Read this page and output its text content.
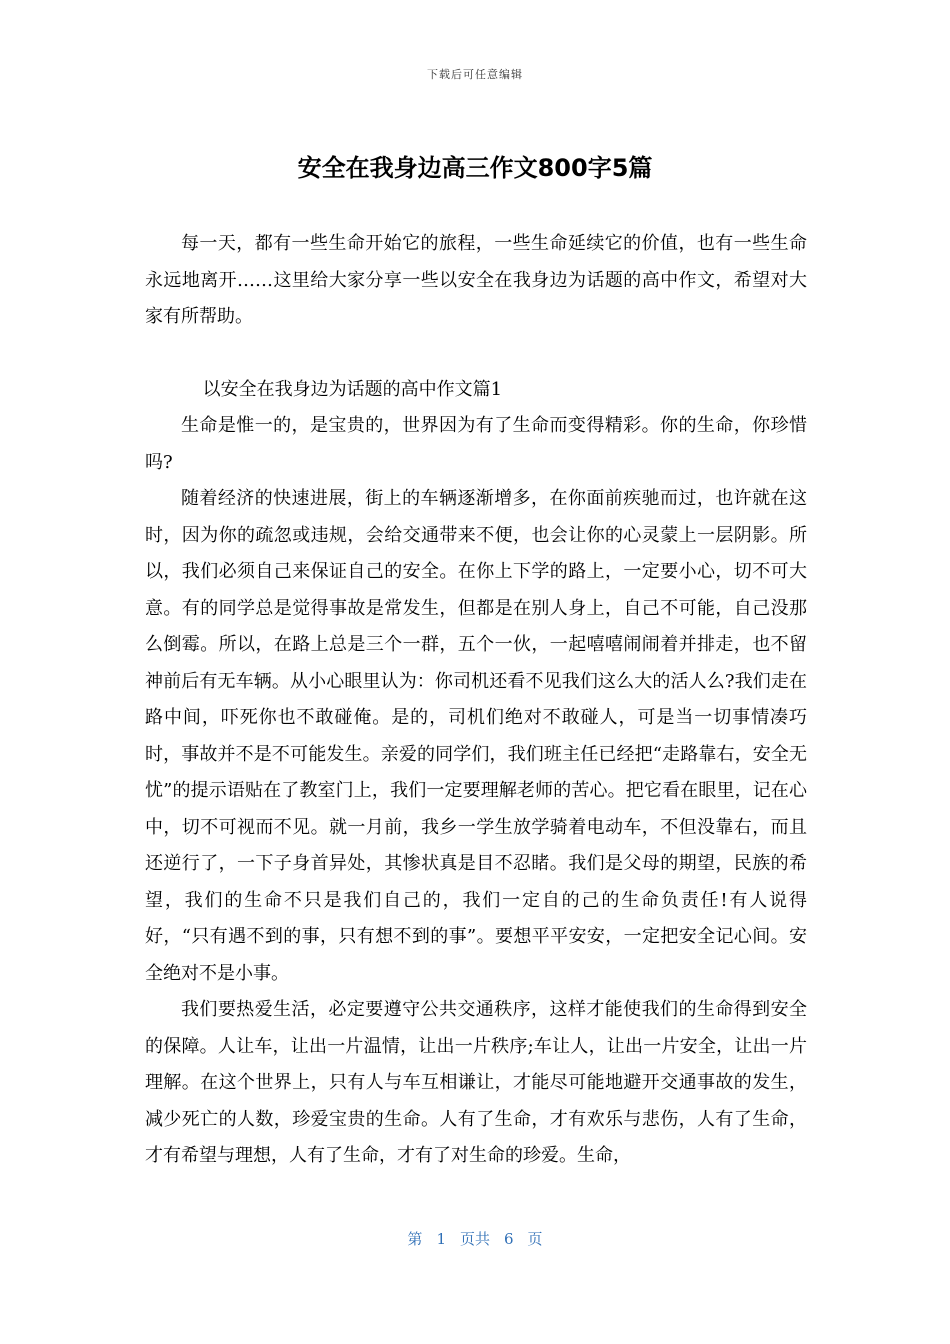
下载后可任意编辑
安全在我身边高三作文800字5篇

每一天，都有一些生命开始它的旅程，一些生命延续它的价值，也有一些生命永远地离开……这里给大家分享一些以安全在我身边为话题的高中作文，希望对大家有所帮助。

以安全在我身边为话题的高中作文篇1

生命是惟一的，是宝贵的，世界因为有了生命而变得精彩。你的生命，你珍惜吗?

随着经济的快速进展，街上的车辆逐渐增多，在你面前疾驰而过，也许就在这时，因为你的疏忽或违规，会给交通带来不便，也会让你的心灵蒙上一层阴影。所以，我们必须自己来保证自己的安全。在你上下学的路上，一定要小心，切不可大意。有的同学总是觉得事故是常发生，但都是在别人身上，自己不可能，自己没那么倒霉。所以，在路上总是三个一群，五个一伙，一起嘻嘻闹闹着并排走，也不留神前后有无车辆。从小心眼里认为：你司机还看不见我们这么大的活人么?我们走在路中间，吓死你也不敢碰俺。是的，司机们绝对不敢碰人，可是当一切事情凑巧时，事故并不是不可能发生。亲爱的同学们，我们班主任已经把“走路靠右，安全无忧”的提示语贴在了教室门上，我们一定要理解老师的苦心。把它看在眼里，记在心中，切不可视而不见。就一月前，我乡一学生放学骑着电动车，不但没靠右，而且还逆行了，一下子身首异处，其惨状真是目不忍睹。我们是父母的期望，民族的希望，我们的生命不只是我们自己的，我们一定自的己的生命负责任!有人说得好，“只有遇不到的事，只有想不到的事”。要想平平安安，一定把安全记心间。安全绝对不是小事。

我们要热爱生活，必定要遵守公共交通秩序，这样才能使我们的生命得到安全的保障。人让车，让出一片温情，让出一片秩序;车让人，让出一片安全，让出一片理解。在这个世界上，只有人与车互相谦让，才能尽可能地避开交通事故的发生，减少死亡的人数，珍爱宝贵的生命。人有了生命，才有欢乐与悲伤，人有了生命，才有希望与理想，人有了生命，才有了对生命的珍爱。生命，

第 1 页共 6 页
